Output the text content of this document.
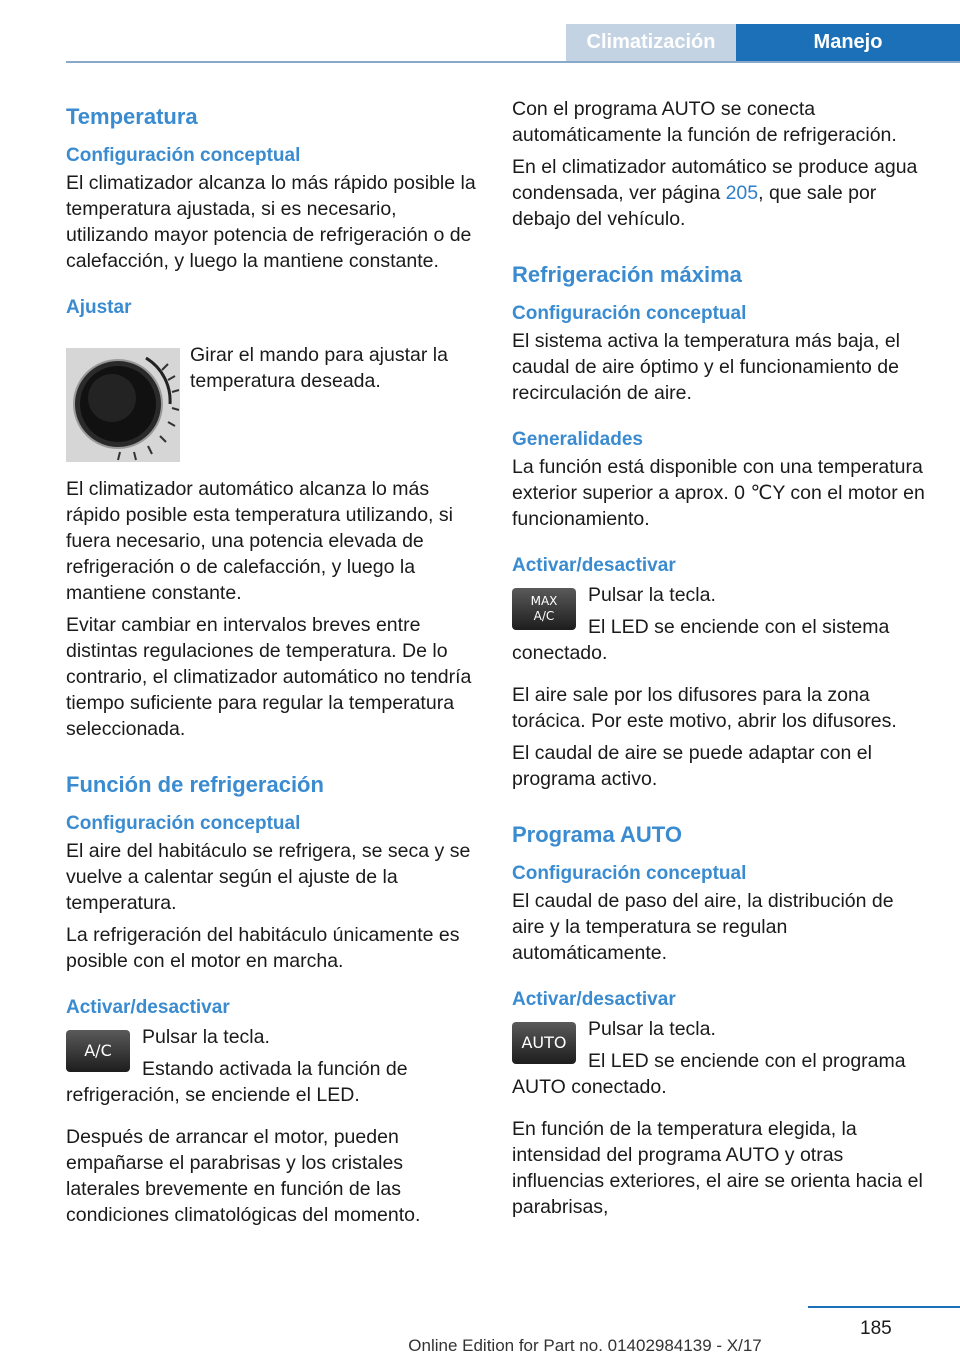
Climatización	Manejo
Temperatura
Configuración conceptual
El climatizador alcanza lo más rápido posible la temperatura ajustada, si es necesario, utilizando mayor potencia de refrigeración o de calefacción, y luego la mantiene constante.
Ajustar
Girar el mando para ajustar la temperatura deseada.
El climatizador automático alcanza lo más rápido posible esta temperatura utilizando, si fuera necesario, una potencia elevada de refrigeración o de calefacción, y luego la mantiene constante.
Evitar cambiar en intervalos breves entre distintas regulaciones de temperatura. De lo contrario, el climatizador automático no tendría tiempo suficiente para regular la temperatura seleccionada.
Función de refrigeración
Configuración conceptual
El aire del habitáculo se refrigera, se seca y se vuelve a calentar según el ajuste de la temperatura.
La refrigeración del habitáculo únicamente es posible con el motor en marcha.
Activar/desactivar
A/C
Pulsar la tecla.
Estando activada la función de refrigeración, se enciende el LED.
Después de arrancar el motor, pueden empañarse el parabrisas y los cristales laterales brevemente en función de las condiciones climatológicas del momento.
Con el programa AUTO se conecta automáticamente la función de refrigeración.
En el climatizador automático se produce agua condensada, ver página 205, que sale por debajo del vehículo.
Refrigeración máxima
Configuración conceptual
El sistema activa la temperatura más baja, el caudal de aire óptimo y el funcionamiento de recirculación de aire.
Generalidades
La función está disponible con una temperatura exterior superior a aprox. 0 ℃Y con el motor en funcionamiento.
Activar/desactivar
MAX
A/C
Pulsar la tecla.
El LED se enciende con el sistema conectado.
El aire sale por los difusores para la zona torácica. Por este motivo, abrir los difusores.
El caudal de aire se puede adaptar con el programa activo.
Programa AUTO
Configuración conceptual
El caudal de paso del aire, la distribución de aire y la temperatura se regulan automáticamente.
Activar/desactivar
AUTO
Pulsar la tecla.
El LED se enciende con el programa AUTO conectado.
En función de la temperatura elegida, la intensidad del programa AUTO y otras influencias exteriores, el aire se orienta hacia el parabrisas,
185
Online Edition for Part no. 01402984139 - X/17
